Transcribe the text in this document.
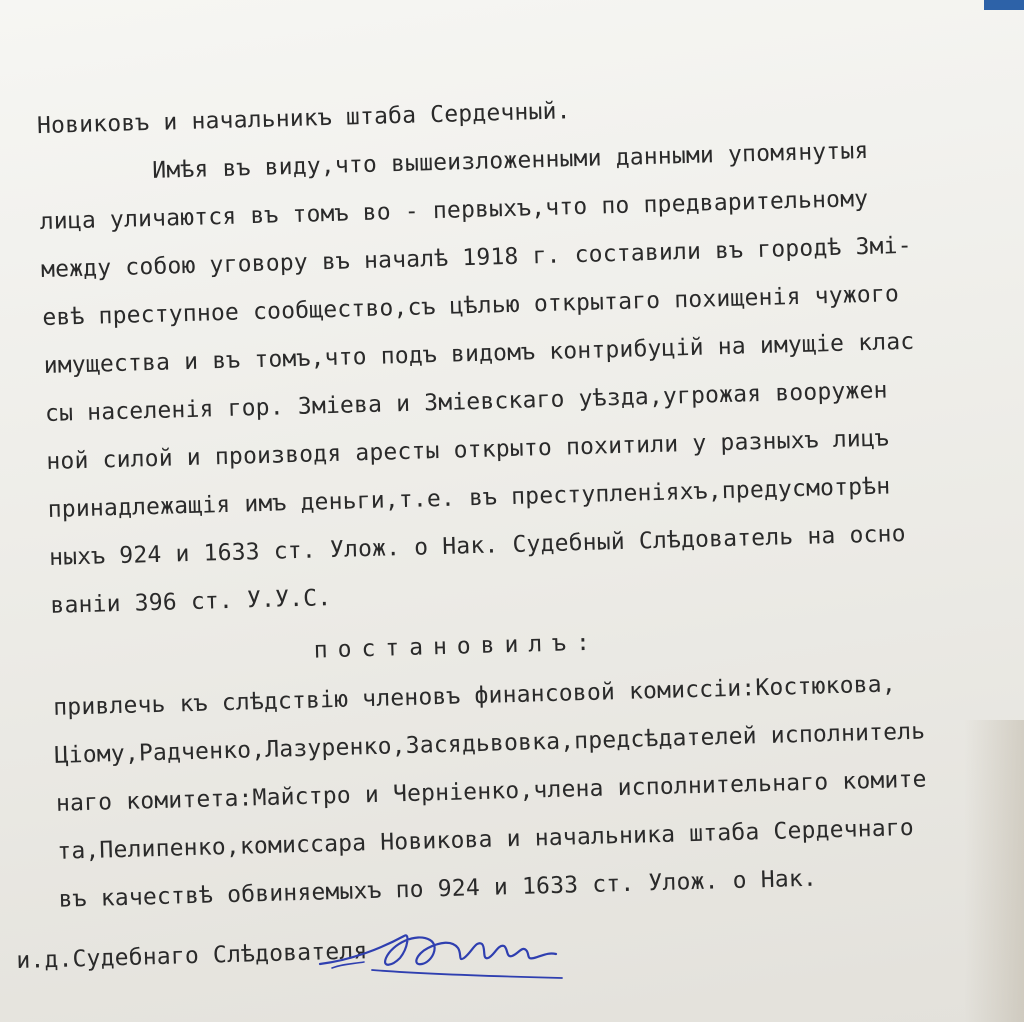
Новиковъ и начальникъ штаба Сердечный.
Имѣя въ виду,что вышеизложенными данными упомянутыя
лица уличаются въ томъ во - первыхъ,что по предварительному
между собою уговору въ началѣ 1918 г. составили въ городѣ Змі-
евѣ преступное сообщество,съ цѣлью открытаго похищенія чужого
имущества и въ томъ,что подъ видомъ контрибуцій на имущіе клас
сы населенія гор. Зміева и Зміевскаго уѣзда,угрожая вооружен
ной силой и производя аресты открыто похитили у разныхъ лицъ
принадлежащія имъ деньги,т.е. въ преступленіяхъ,предусмотрѣн
ныхъ 924 и 1633 ст. Улож. о Нак. Судебный Слѣдователь на осно
ваніи 396 ст. У.У.С.
постановилъ:
привлечь къ слѣдствію членовъ финансовой комиссіи:Костюкова,
Ціому,Радченко,Лазуренко,Засядьвовка,предсѣдателей исполнитель
наго комитета:Майстро и Черніенко,члена исполнительнаго комите
та,Пелипенко,комиссара Новикова и начальника штаба Сердечнаго
въ качествѣ обвиняемыхъ по 924 и 1633 ст. Улож. о Нак.
и.д.Судебнаго Слѣдователя
